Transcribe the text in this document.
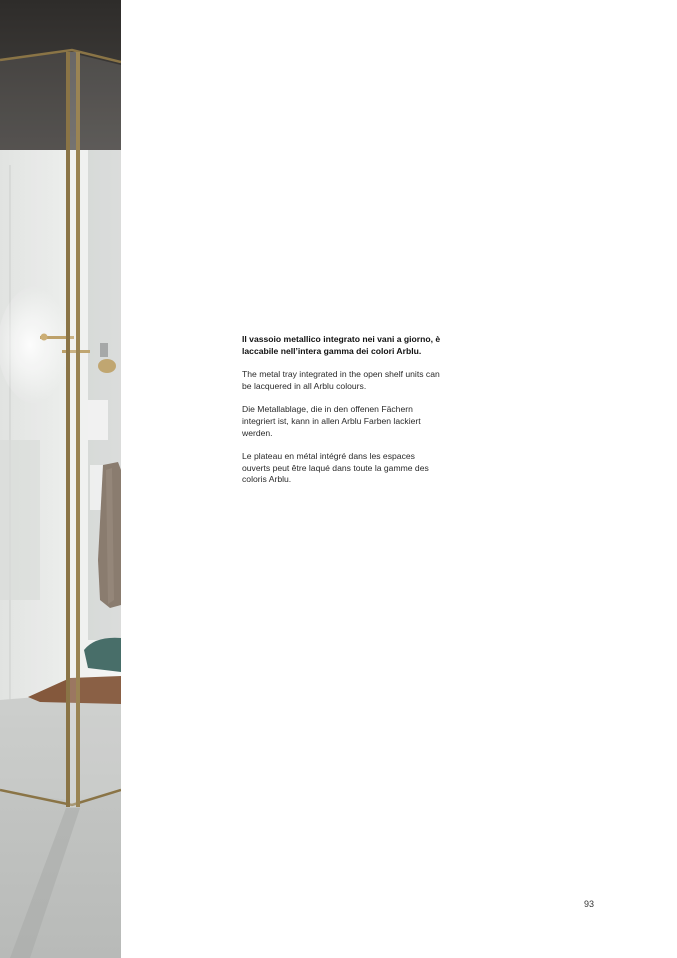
Il vassoio metallico integrato nei vani a giorno, è laccabile nell’intera gamma dei colori Arblu.

The metal tray integrated in the open shelf units can be lacquered in all Arblu colours.

Die Metallablage, die in den offenen Fächern integriert ist, kann in allen Arblu Farben lackiert werden.

Le plateau en métal intégré dans les espaces ouverts peut être laqué dans toute la gamme des coloris Arblu.

93
